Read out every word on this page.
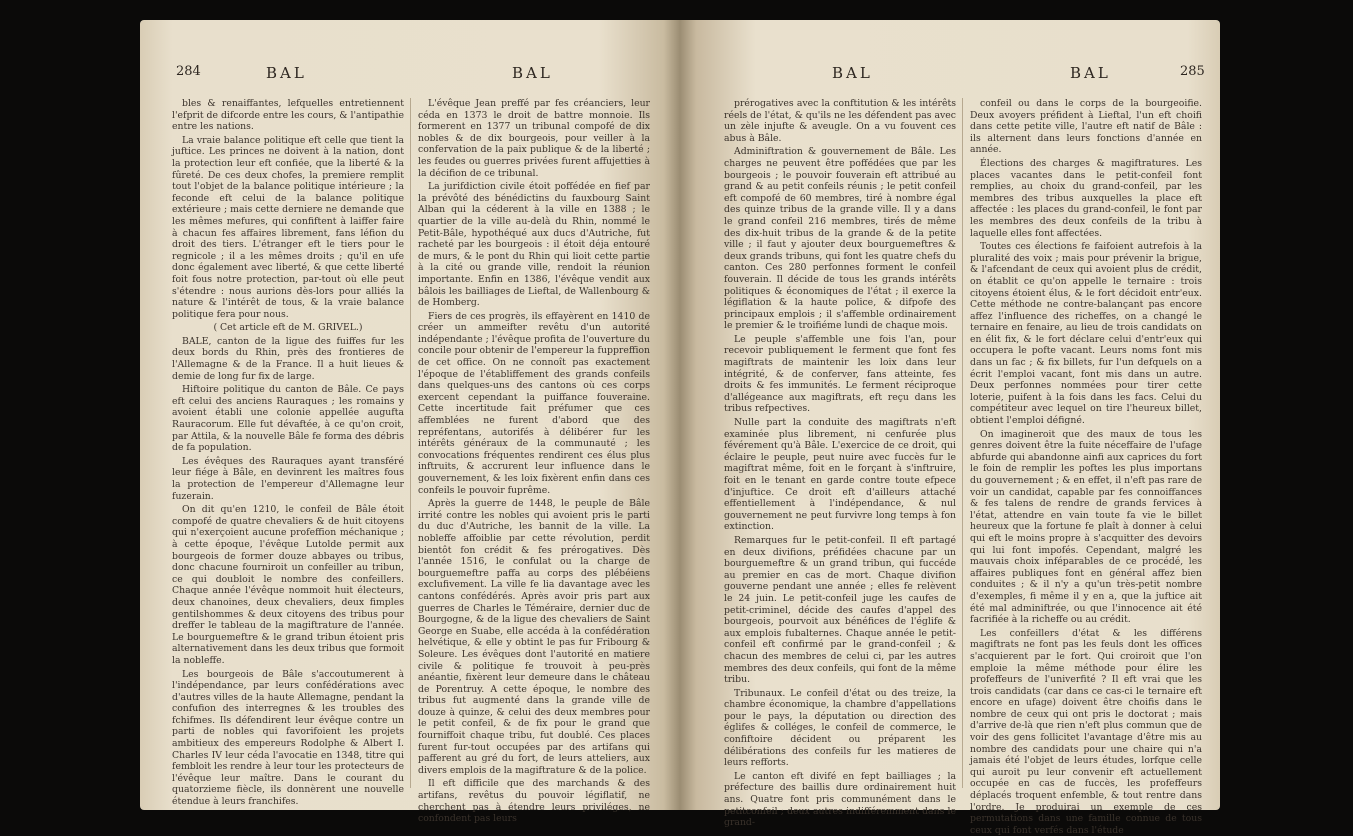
284	BAL	BAL

bles & renaiffantes, lefquelles entretiennent l'efprit de difcorde entre les cours, & l'antipathie entre les nations.

La vraie balance politique eft celle que tient la juftice. Les princes ne doivent à la nation, dont la protection leur eft confiée, que la liberté & la fûreté. De ces deux chofes, la premiere remplit tout l'objet de la balance politique intérieure ; la feconde eft celui de la balance politique extérieure ; mais cette derniere ne demande que les mêmes mefures, qui confiftent à laiffer faire à chacun fes affaires librement, fans léfion du droit des tiers. L'étranger eft le tiers pour le regnicole ; il a les mêmes droits ; qu'il en ufe donc également avec liberté, & que cette liberté foit fous notre protection, par-tout où elle peut s'étendre : nous aurions dès-lors pour alliés la nature & l'intérêt de tous, & la vraie balance politique fera pour nous.

( Cet article eft de M. GRIVEL.)

BALE, canton de la ligue des fuiffes fur les deux bords du Rhin, près des frontieres de l'Allemagne & de la France. Il a huit lieues & demie de long fur fix de large.

Hiftoire politique du canton de Bâle. Ce pays eft celui des anciens Rauraques ; les romains y avoient établi une colonie appellée augufta Rauracorum. Elle fut dévaftée, à ce qu'on croit, par Attila, & la nouvelle Bâle fe forma des débris de fa population.

Les évêques des Rauraques ayant transféré leur fiége à Bâle, en devinrent les maîtres fous la protection de l'empereur d'Allemagne leur fuzerain.

On dit qu'en 1210, le confeil de Bâle étoit compofé de quatre chevaliers & de huit citoyens qui n'exerçoient aucune profeffion méchanique ; à cette époque, l'évêque Lutolde permit aux bourgeois de former douze abbayes ou tribus, donc chacune fourniroit un confeiller au tribun, ce qui doubloit le nombre des confeillers. Chaque année l'évêque nommoit huit électeurs, deux chanoines, deux chevaliers, deux fimples gentilshommes & deux citoyens des tribus pour dreffer le tableau de la magiftrature de l'année. Le bourguemeftre & le grand tribun étoient pris alternativement dans les deux tribus que formoit la nobleffe.

Les bourgeois de Bâle s'accoutumerent à l'indépendance, par leurs confédérations avec d'autres villes de la haute Allemagne, pendant la confufion des interregnes & les troubles des fchifmes. Ils défendirent leur évêque contre un parti de nobles qui favorifoient les projets ambitieux des empereurs Rodolphe & Albert I. Charles IV leur céda l'avocatie en 1348, titre qui fembloit les rendre à leur tour les protecteurs de l'évêque leur maître. Dans le courant du quatorzieme fiècle, ils donnèrent une nouvelle étendue à leurs franchifes.

L'évêque Jean preffé par fes créanciers, leur céda en 1373 le droit de battre monnoie. Ils formerent en 1377 un tribunal compofé de dix nobles & de dix bourgeois, pour veiller à la confervation de la paix publique & de la liberté ; les feudes ou guerres privées furent affujetties à la décifion de ce tribunal.

La jurifdiction civile étoit poffédée en fief par la prévôté des bénédictins du fauxbourg Saint Alban qui la céderent à la ville en 1388 ; le quartier de la ville au-delà du Rhin, nommé le Petit-Bâle, hypothéqué aux ducs d'Autriche, fut racheté par les bourgeois : il étoit déja entouré de murs, & le pont du Rhin qui lioit cette partie à la cité ou grande ville, rendoit la réunion importante. Enfin en 1386, l'évêque vendit aux bâlois les bailliages de Lieftal, de Wallenbourg & de Homberg.

Fiers de ces progrès, ils effayèrent en 1410 de créer un ammeifter revêtu d'un autorité indépendante ; l'évêque profita de l'ouverture du concile pour obtenir de l'empereur la fuppreffion de cet office. On ne connoît pas exactement l'époque de l'établiffement des grands confeils dans quelques-uns des cantons où ces corps exercent cependant la puiffance fouveraine. Cette incertitude fait préfumer que ces affemblées ne furent d'abord que des repréfentans, autorifés à délibérer fur les intérêts généraux de la communauté ; les convocations fréquentes rendirent ces élus plus inftruits, & accrurent leur influence dans le gouvernement, & les loix fixèrent enfin dans ces confeils le pouvoir fuprême.

Après la guerre de 1448, le peuple de Bâle irrité contre les nobles qui avoient pris le parti du duc d'Autriche, les bannit de la ville. La nobleffe affoiblie par cette révolution, perdit bientôt fon crédit & fes prérogatives. Dès l'année 1516, le confulat ou la charge de bourguemeftre paffa au corps des plébéiens exclufivement. La ville fe lia davantage avec les cantons confédérés. Après avoir pris part aux guerres de Charles le Téméraire, dernier duc de Bourgogne, & de la ligue des chevaliers de Saint George en Suabe, elle accéda à la confédération helvétique, & elle y obtint le pas fur Fribourg & Soleure. Les évêques dont l'autorité en matiere civile & politique fe trouvoit à peu-près anéantie, fixèrent leur demeure dans le château de Porentruy. A cette époque, le nombre des tribus fut augmenté dans la grande ville de douze à quinze, & celui des deux membres pour le petit confeil, & de fix pour le grand que fourniffoit chaque tribu, fut doublé. Ces places furent fur-tout occupées par des artifans qui pafferent au gré du fort, de leurs atteliers, aux divers emplois de la magiftrature & de la police.

Il eft difficile que des marchands & des artifans, revêtus du pouvoir légiflatif, ne cherchent pas à étendre leurs priviléges, ne confondent pas leurs

BAL	BAL	285

prérogatives avec la conftitution & les intérêts réels de l'état, & qu'ils ne les défendent pas avec un zèle injufte & aveugle. On a vu fouvent ces abus à Bâle.

Adminiftration & gouvernement de Bâle. Les charges ne peuvent être poffédées que par les bourgeois ; le pouvoir fouverain eft attribué au grand & au petit confeils réunis ; le petit confeil eft compofé de 60 membres, tiré à nombre égal des quinze tribus de la grande ville. Il y a dans le grand confeil 216 membres, tirés de même des dix-huit tribus de la grande & de la petite ville ; il faut y ajouter deux bourguemeftres & deux grands tribuns, qui font les quatre chefs du canton. Ces 280 perfonnes forment le confeil fouverain. Il décide de tous les grands intérêts politiques & économiques de l'état ; il exerce la légiflation & la haute police, & difpofe des principaux emplois ; il s'affemble ordinairement le premier & le troifiéme lundi de chaque mois.

Le peuple s'affemble une fois l'an, pour recevoir publiquement le ferment que font fes magiftrats de maintenir les loix dans leur intégrité, & de conferver, fans atteinte, fes droits & fes immunités. Le ferment réciproque d'allégeance aux magiftrats, eft reçu dans les tribus refpectives.

Nulle part la conduite des magiftrats n'eft examinée plus librement, ni cenfurée plus févérement qu'à Bâle. L'exercice de ce droit, qui éclaire le peuple, peut nuire avec fuccès fur le magiftrat même, foit en le forçant à s'inftruire, foit en le tenant en garde contre toute efpece d'injuftice. Ce droit eft d'ailleurs attaché effentiellement à l'indépendance, & nul gouvernement ne peut furvivre long temps à fon extinction.

Remarques fur le petit-confeil. Il eft partagé en deux divifions, préfidées chacune par un bourguemeftre & un grand tribun, qui fuccéde au premier en cas de mort. Chaque divifion gouverne pendant une année ; elles fe relèvent le 24 juin. Le petit-confeil juge les caufes de petit-criminel, décide des caufes d'appel des bourgeois, pourvoit aux bénéfices de l'églife & aux emplois fubalternes. Chaque année le petit-confeil eft confirmé par le grand-confeil ; & chacun des membres de celui ci, par les autres membres des deux confeils, qui font de la même tribu.

Tribunaux. Le confeil d'état ou des treize, la chambre économique, la chambre d'appellations pour le pays, la députation ou direction des églifes & colléges, le confeil de commerce, le confiftoire décident ou préparent les délibérations des confeils fur les matieres de leurs refforts.

Le canton eft divifé en fept bailliages ; la préfecture des baillis dure ordinairement huit ans. Quatre font pris communément dans le petitconfeil ; deux autres indifféremment dans le grand-

confeil ou dans le corps de la bourgeoifie. Deux avoyers préfident à Lieftal, l'un eft choifi dans cette petite ville, l'autre eft natif de Bâle : ils alternent dans leurs fonctions d'année en année.

Élections des charges & magiftratures. Les places vacantes dans le petit-confeil font remplies, au choix du grand-confeil, par les membres des tribus auxquelles la place eft affectée : les places du grand-confeil, le font par les membres des deux confeils de la tribu à laquelle elles font affectées.

Toutes ces élections fe faifoient autrefois à la pluralité des voix ; mais pour prévenir la brigue, & l'afcendant de ceux qui avoient plus de crédit, on établit ce qu'on appelle le ternaire : trois citoyens étoient élus, & le fort décidoit entr'eux. Cette méthode ne contre-balançant pas encore affez l'influence des richeffes, on a changé le ternaire en fenaire, au lieu de trois candidats on en élit fix, & le fort déclare celui d'entr'eux qui occupera le pofte vacant. Leurs noms font mis dans un fac ; & fix billets, fur l'un defquels on a écrit l'emploi vacant, font mis dans un autre. Deux perfonnes nommées pour tirer cette loterie, puifent à la fois dans les facs. Celui du compétiteur avec lequel on tire l'heureux billet, obtient l'emploi défigné.

On imagineroit que des maux de tous les genres doivent être la fuite néceffaire de l'ufage abfurde qui abandonne ainfi aux caprices du fort le foin de remplir les poftes les plus importans du gouvernement ; & en effet, il n'eft pas rare de voir un candidat, capable par fes connoiffances & fes talens de rendre de grands fervices à l'état, attendre en vain toute fa vie le billet heureux que la fortune fe plaît à donner à celui qui eft le moins propre à s'acquitter des devoirs qui lui font impofés. Cependant, malgré les mauvais choix inféparables de ce procédé, les affaires publiques font en général affez bien conduites ; & il n'y a qu'un très-petit nombre d'exemples, fi même il y en a, que la juftice ait été mal adminiftrée, ou que l'innocence ait été facrifiée à la richeffe ou au crédit.

Les confeillers d'état & les différens magiftrats ne font pas les feuls dont les offices s'acquierent par le fort. Qui croiroit que l'on emploie la même méthode pour élire les profeffeurs de l'univerfité ? Il eft vrai que les trois candidats (car dans ce cas-ci le ternaire eft encore en ufage) doivent être choifis dans le nombre de ceux qui ont pris le doctorat ; mais d'arrive de-là que rien n'eft plus commun que de voir des gens follicitet l'avantage d'être mis au nombre des candidats pour une chaire qui n'a jamais été l'objet de leurs études, lorfque celle qui auroit pu leur convenir eft actuellement occupée en cas de fuccès, les profeffeurs déplacés troquent enfemble, & tout rentre dans l'ordre. Je produirai un exemple de ces permutations dans une famille connue de tous ceux qui font verfés dans l'étude
